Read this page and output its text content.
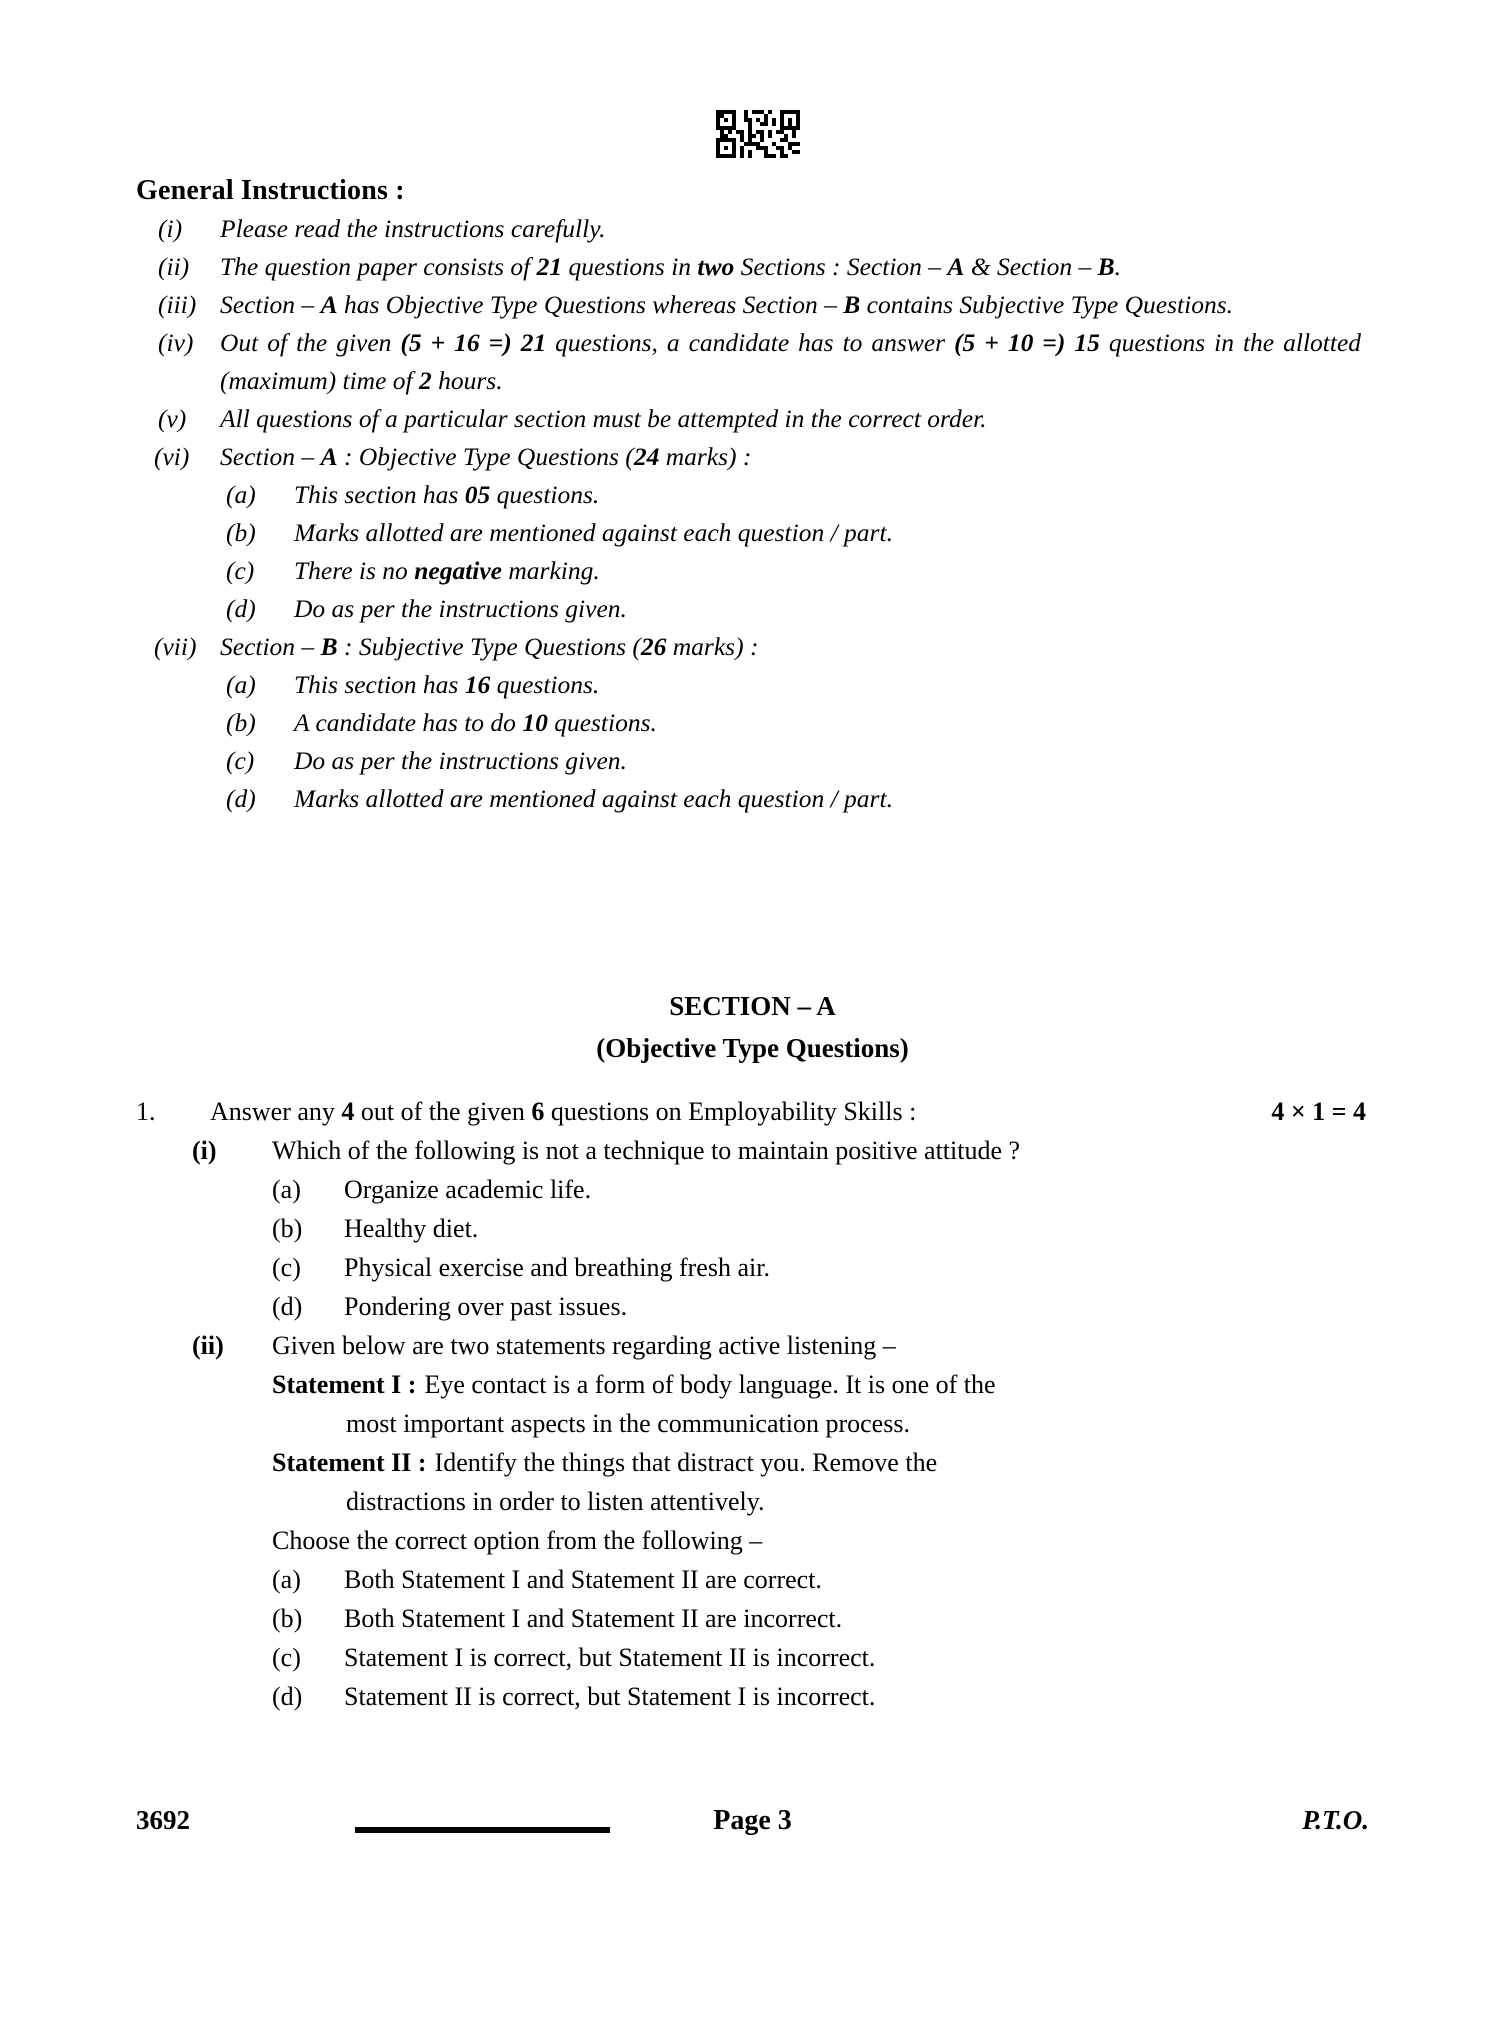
General Instructions :
(i)	Please read the instructions carefully.
(ii)	The question paper consists of 21 questions in two Sections : Section – A & Section – B.
(iii) Section – A has Objective Type Questions whereas Section – B contains Subjective Type Questions.
(iv)	Out of the given (5 + 16 =) 21 questions, a candidate has to answer (5 + 10 =) 15 questions in the allotted (maximum) time of 2 hours.
(v)	All questions of a particular section must be attempted in the correct order.
(vi)	Section – A : Objective Type Questions (24 marks) :
(a)	This section has 05 questions.
(b)	Marks allotted are mentioned against each question / part.
(c)	There is no negative marking.
(d)	Do as per the instructions given.
(vii) Section – B : Subjective Type Questions (26 marks) :
(a)	This section has 16 questions.
(b)	A candidate has to do 10 questions.
(c)	Do as per the instructions given.
(d)	Marks allotted are mentioned against each question / part.
SECTION – A
(Objective Type Questions)
1.	Answer any 4 out of the given 6 questions on Employability Skills :	4 × 1 = 4
(i)	Which of the following is not a technique to maintain positive attitude ?
(a)	Organize academic life.
(b)	Healthy diet.
(c)	Physical exercise and breathing fresh air.
(d)	Pondering over past issues.
(ii)	Given below are two statements regarding active listening –
Statement I : Eye contact is a form of body language. It is one of the
most important aspects in the communication process.
Statement II : Identify the things that distract you. Remove the
distractions in order to listen attentively.
Choose the correct option from the following –
(a)	Both Statement I and Statement II are correct.
(b)	Both Statement I and Statement II are incorrect.
(c)	Statement I is correct, but Statement II is incorrect.
(d)	Statement II is correct, but Statement I is incorrect.
3692	Page 3	P.T.O.
